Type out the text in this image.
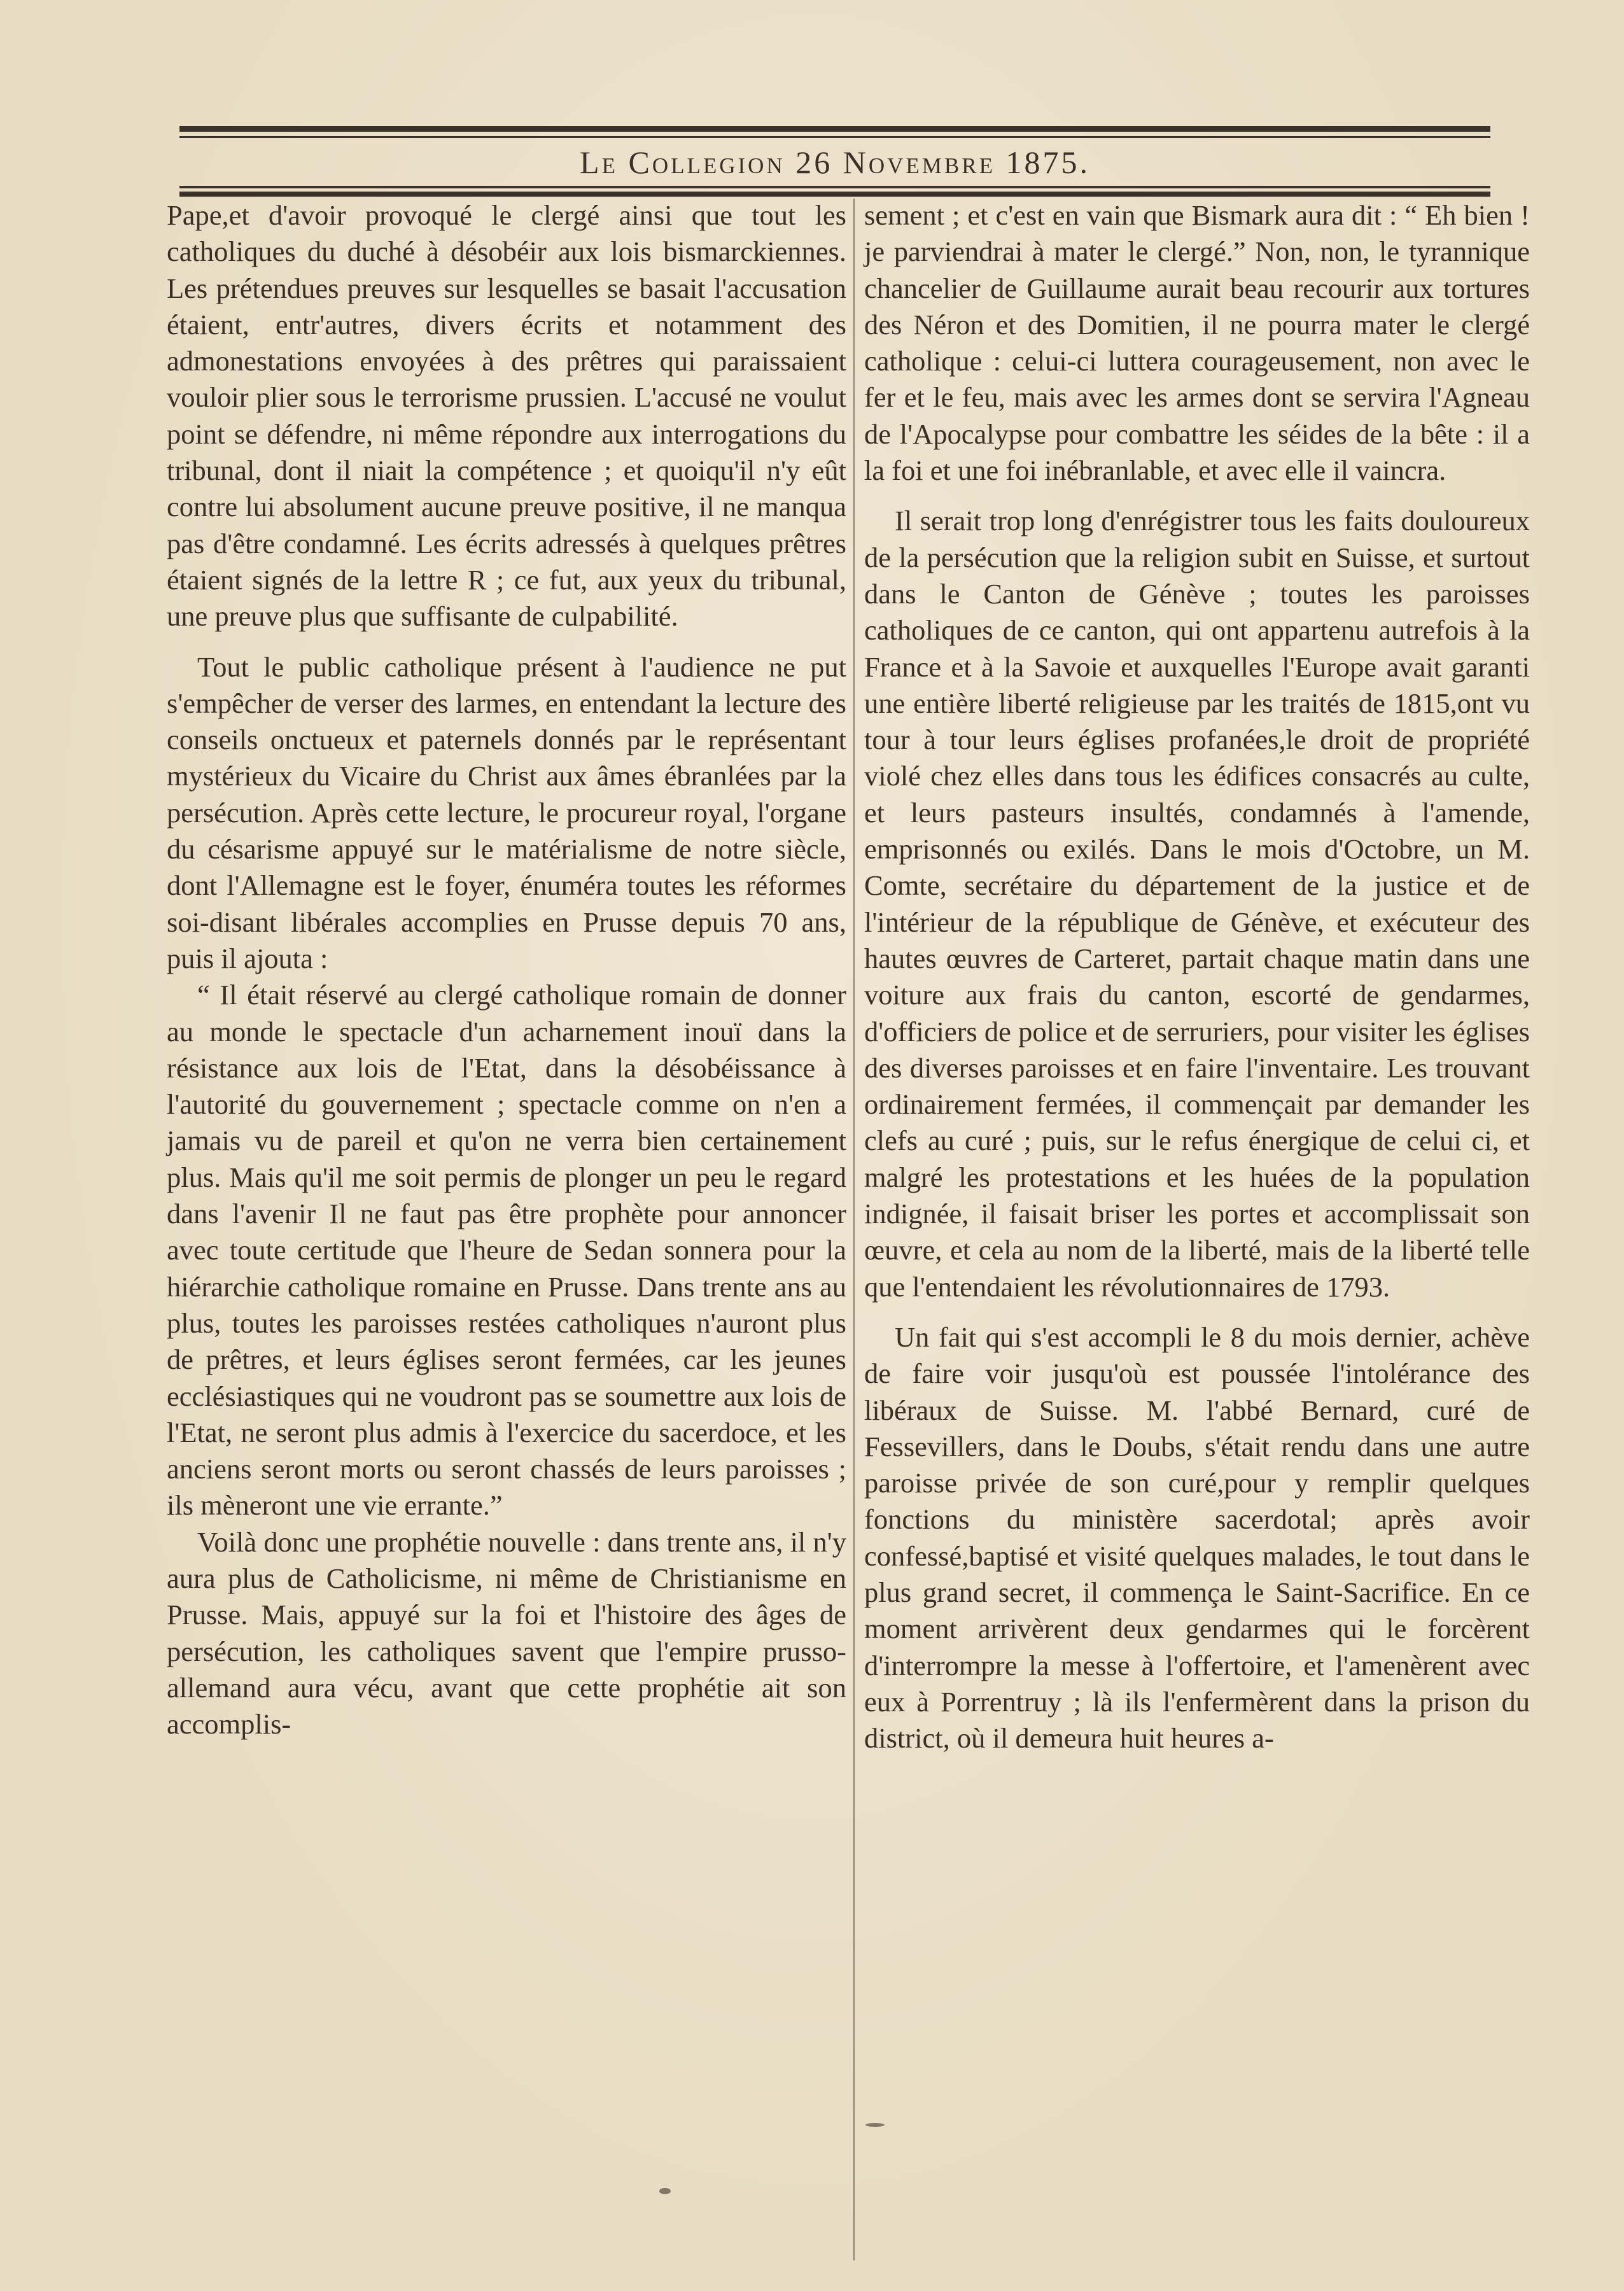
Le Collegion 26 Novembre 1875.

Pape,et d'avoir provoqué le clergé ainsi que tout les catholiques du duché à désobéir aux lois bismarckiennes. Les prétendues preuves sur lesquelles se basait l'accusation étaient, entr'autres, divers écrits et notamment des admonestations envoyées à des prêtres qui paraissaient vouloir plier sous le terrorisme prussien. L'accusé ne voulut point se défendre, ni même répondre aux interrogations du tribunal, dont il niait la compétence ; et quoiqu'il n'y eût contre lui absolument aucune preuve positive, il ne manqua pas d'être condamné. Les écrits adressés à quelques prêtres étaient signés de la lettre R ; ce fut, aux yeux du tribunal, une preuve plus que suffisante de culpabilité.

Tout le public catholique présent à l'audience ne put s'empêcher de verser des larmes, en entendant la lecture des conseils onctueux et paternels donnés par le représentant mystérieux du Vicaire du Christ aux âmes ébranlées par la persécution. Après cette lecture, le procureur royal, l'organe du césarisme appuyé sur le matérialisme de notre siècle, dont l'Allemagne est le foyer, énuméra toutes les réformes soi-disant libérales accomplies en Prusse depuis 70 ans, puis il ajouta :

“ Il était réservé au clergé catholique romain de donner au monde le spectacle d'un acharnement inouï dans la résistance aux lois de l'Etat, dans la désobéissance à l'autorité du gouvernement ; spectacle comme on n'en a jamais vu de pareil et qu'on ne verra bien certainement plus. Mais qu'il me soit permis de plonger un peu le regard dans l'avenir Il ne faut pas être prophète pour annoncer avec toute certitude que l'heure de Sedan sonnera pour la hiérarchie catholique romaine en Prusse. Dans trente ans au plus, toutes les paroisses restées catholiques n'auront plus de prêtres, et leurs églises seront fermées, car les jeunes ecclésiastiques qui ne voudront pas se soumettre aux lois de l'Etat, ne seront plus admis à l'exercice du sacerdoce, et les anciens seront morts ou seront chassés de leurs paroisses ; ils mèneront une vie errante.”

Voilà donc une prophétie nouvelle : dans trente ans, il n'y aura plus de Catholicisme, ni même de Christianisme en Prusse. Mais, appuyé sur la foi et l'histoire des âges de persécution, les catholiques savent que l'empire prusso-allemand aura vécu, avant que cette prophétie ait son accomplis-

sement ; et c'est en vain que Bismark aura dit : “ Eh bien ! je parviendrai à mater le clergé.” Non, non, le tyrannique chancelier de Guillaume aurait beau recourir aux tortures des Néron et des Domitien, il ne pourra mater le clergé catholique : celui-ci luttera courageusement, non avec le fer et le feu, mais avec les armes dont se servira l'Agneau de l'Apocalypse pour combattre les séides de la bête : il a la foi et une foi inébranlable, et avec elle il vaincra.

Il serait trop long d'enrégistrer tous les faits douloureux de la persécution que la religion subit en Suisse, et surtout dans le Canton de Génève ; toutes les paroisses catholiques de ce canton, qui ont appartenu autrefois à la France et à la Savoie et auxquelles l'Europe avait garanti une entière liberté religieuse par les traités de 1815,ont vu tour à tour leurs églises profanées,le droit de propriété violé chez elles dans tous les édifices consacrés au culte, et leurs pasteurs insultés, condamnés à l'amende, emprisonnés ou exilés. Dans le mois d'Octobre, un M. Comte, secrétaire du département de la justice et de l'intérieur de la république de Génève, et exécuteur des hautes œuvres de Carteret, partait chaque matin dans une voiture aux frais du canton, escorté de gendarmes, d'officiers de police et de serruriers, pour visiter les églises des diverses paroisses et en faire l'inventaire. Les trouvant ordinairement fermées, il commençait par demander les clefs au curé ; puis, sur le refus énergique de celui ci, et malgré les protestations et les huées de la population indignée, il faisait briser les portes et accomplissait son œuvre, et cela au nom de la liberté, mais de la liberté telle que l'entendaient les révolutionnaires de 1793.

Un fait qui s'est accompli le 8 du mois dernier, achève de faire voir jusqu'où est poussée l'intolérance des libéraux de Suisse. M. l'abbé Bernard, curé de Fessevillers, dans le Doubs, s'était rendu dans une autre paroisse privée de son curé,pour y remplir quelques fonctions du ministère sacerdotal; après avoir confessé,baptisé et visité quelques malades, le tout dans le plus grand secret, il commença le Saint-Sacrifice. En ce moment arrivèrent deux gendarmes qui le forcèrent d'interrompre la messe à l'offertoire, et l'amenèrent avec eux à Porrentruy ; là ils l'enfermèrent dans la prison du district, où il demeura huit heures a-
